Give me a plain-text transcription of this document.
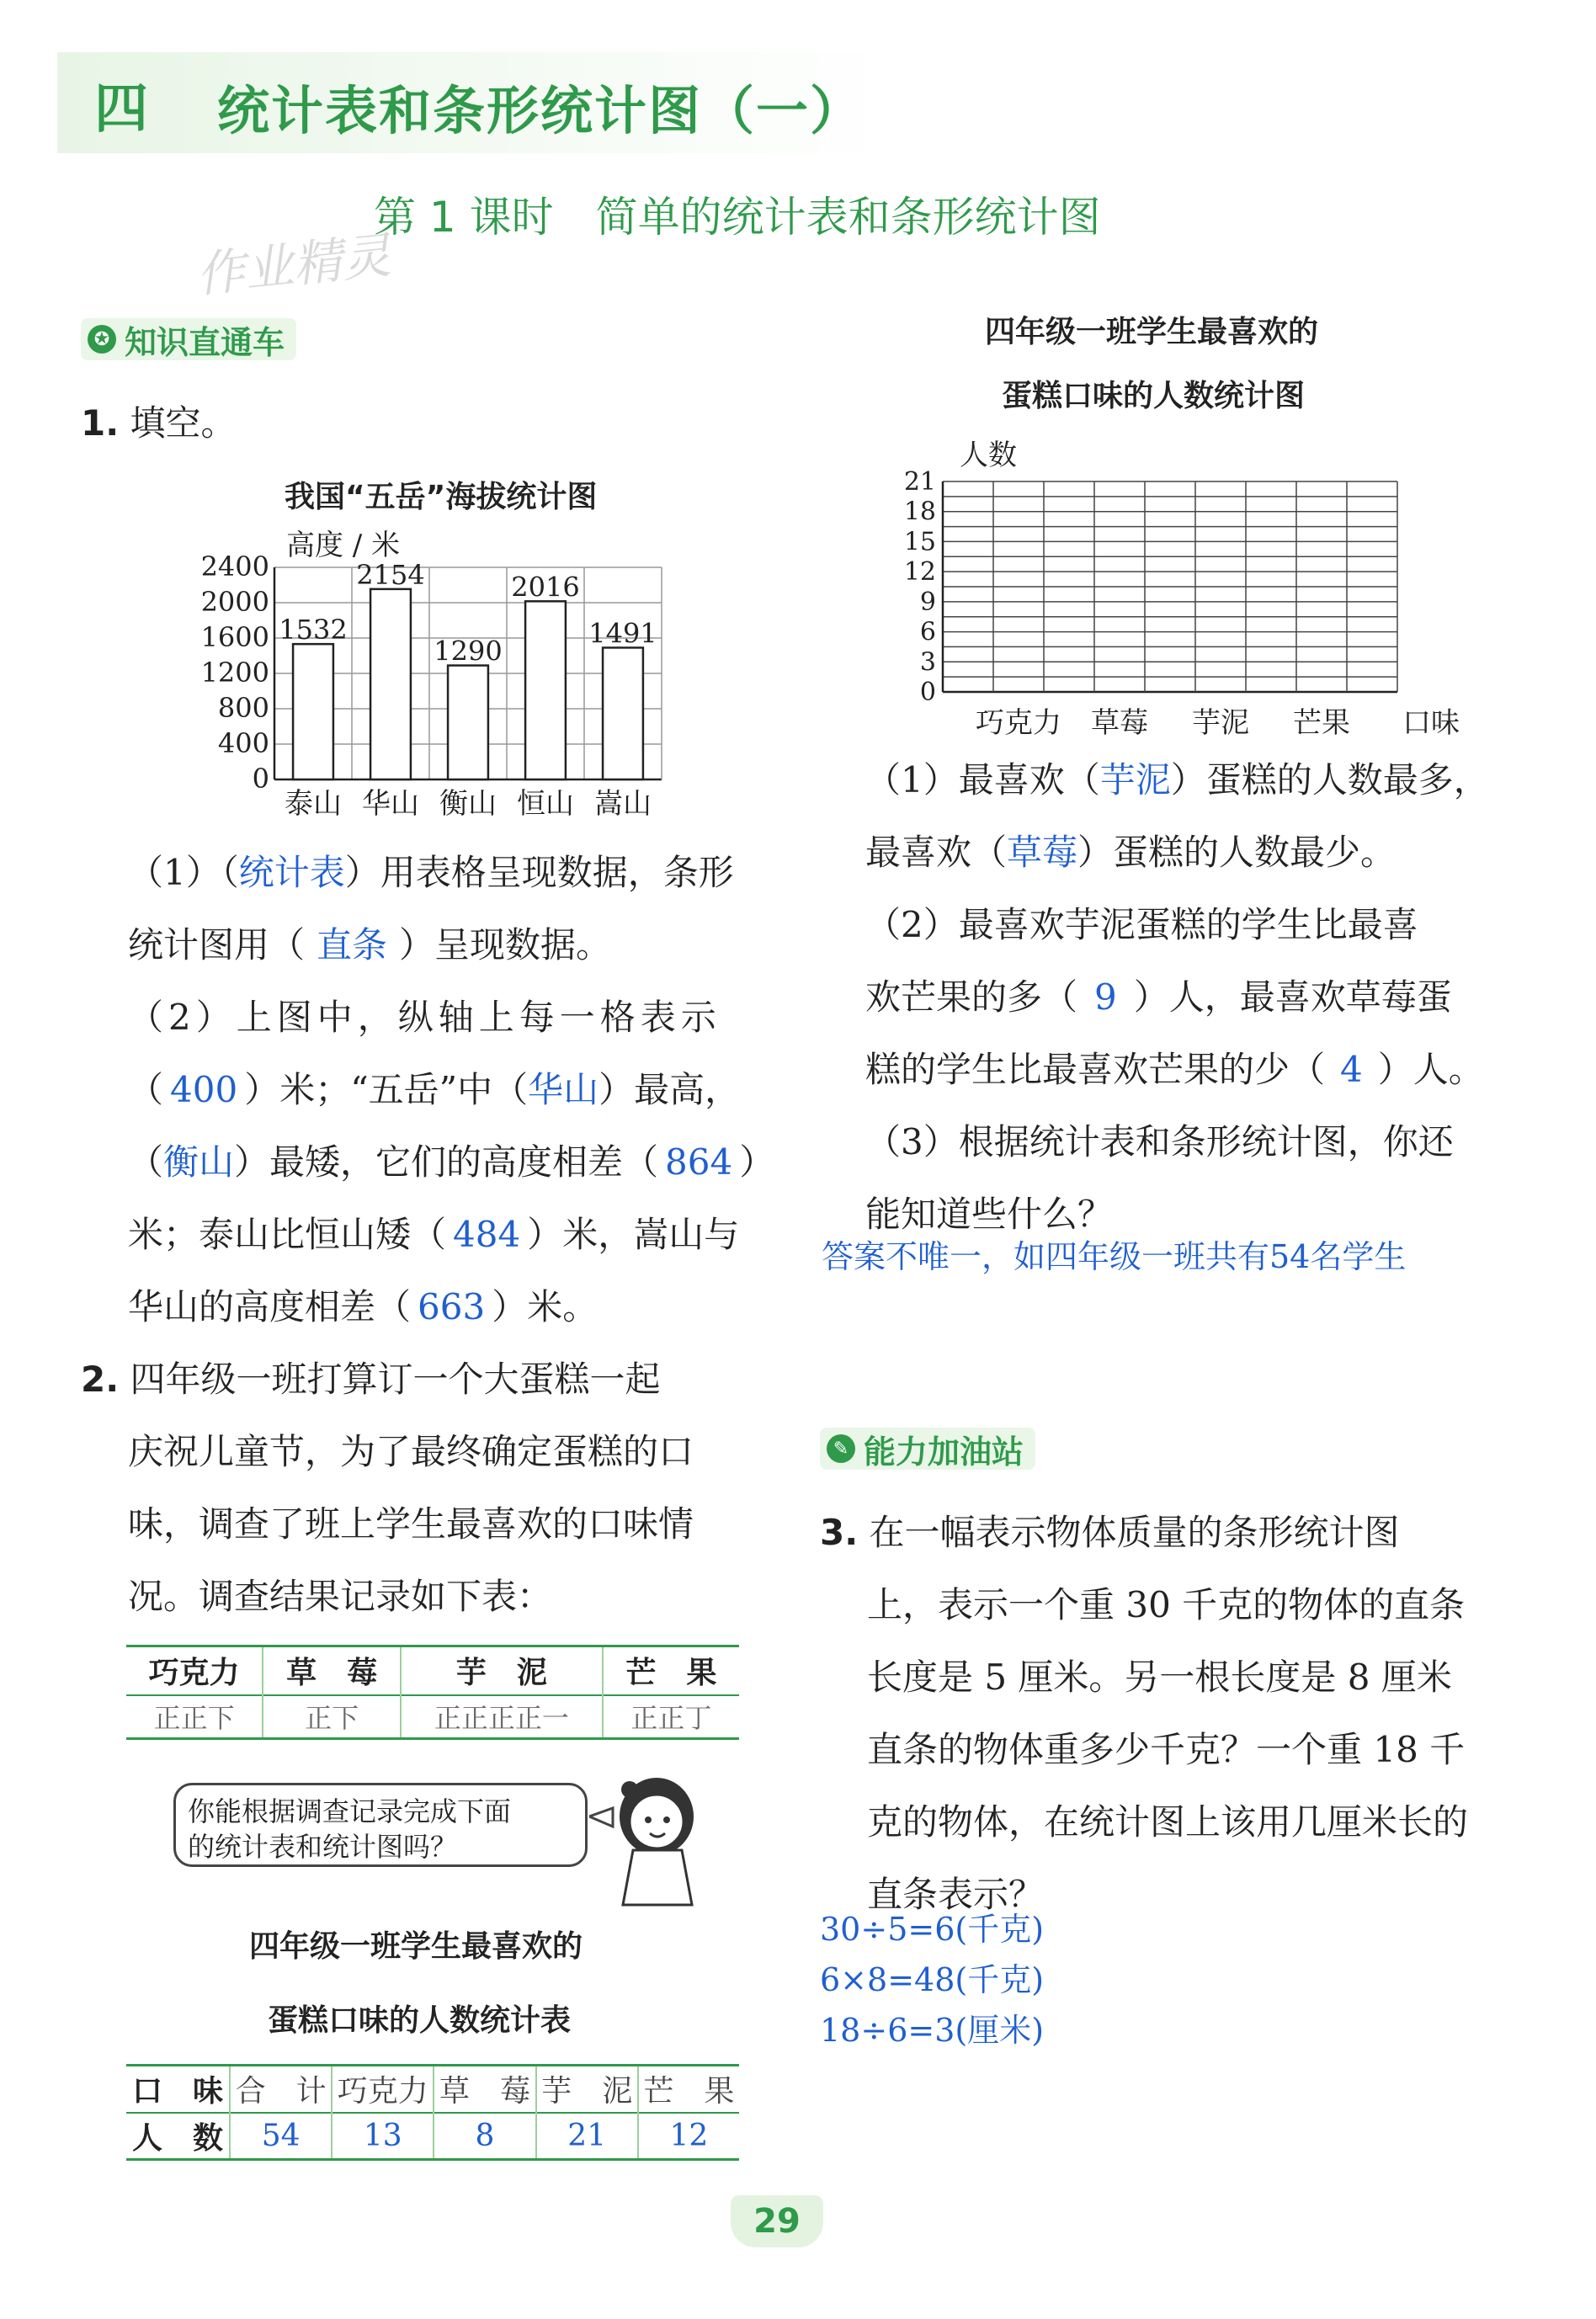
四 统计表和条形统计图（一）
第 1 课时　简单的统计表和条形统计图
作业精灵
✪ 知识直通车
1. 填空。
我国“五岳”海拔统计图
高度 / 米
0
400
800
1200
1600
2000
2400
1532
泰山
2154
华山
1290
衡山
2016
恒山
1491
嵩山
（1）（统计表）用表格呈现数据，条形
统计图用（ 直条 ）呈现数据。
（2）上图中，纵轴上每一格表示
（ 400 ）米；“五岳”中（华山）最高，
（衡山）最矮，它们的高度相差（ 864 ）
米；泰山比恒山矮（ 484 ）米，嵩山与
华山的高度相差（ 663 ）米。
2. 四年级一班打算订一个大蛋糕一起
庆祝儿童节，为了最终确定蛋糕的口
味，调查了班上学生最喜欢的口味情
况。调查结果记录如下表：
巧克力	草　莓	芋　泥	芒　果
正正下	正下	正正正正一	正正丁
你能根据调查记录完成下面
的统计表和统计图吗？
四年级一班学生最喜欢的
蛋糕口味的人数统计表
口　味	合　计	巧克力	草　莓	芋　泥	芒　果
人　数	54	13	8	21	12
四年级一班学生最喜欢的
蛋糕口味的人数统计图
21
18
15
12
9
6
3
0
人数
巧克力 草莓 芋泥 芒果 口味
（1）最喜欢（芋泥）蛋糕的人数最多，
最喜欢（草莓）蛋糕的人数最少。
（2）最喜欢芋泥蛋糕的学生比最喜
欢芒果的多（ 9 ）人，最喜欢草莓蛋
糕的学生比最喜欢芒果的少（ 4 ）人。
（3）根据统计表和条形统计图，你还
能知道些什么？
答案不唯一，如四年级一班共有54名学生
✎ 能力加油站
3. 在一幅表示物体质量的条形统计图
上，表示一个重 30 千克的物体的直条
长度是 5 厘米。另一根长度是 8 厘米
直条的物体重多少千克？一个重 18 千
克的物体，在统计图上该用几厘米长的
直条表示？
30÷5=6(千克)
6×8=48(千克)
18÷6=3(厘米)
29
